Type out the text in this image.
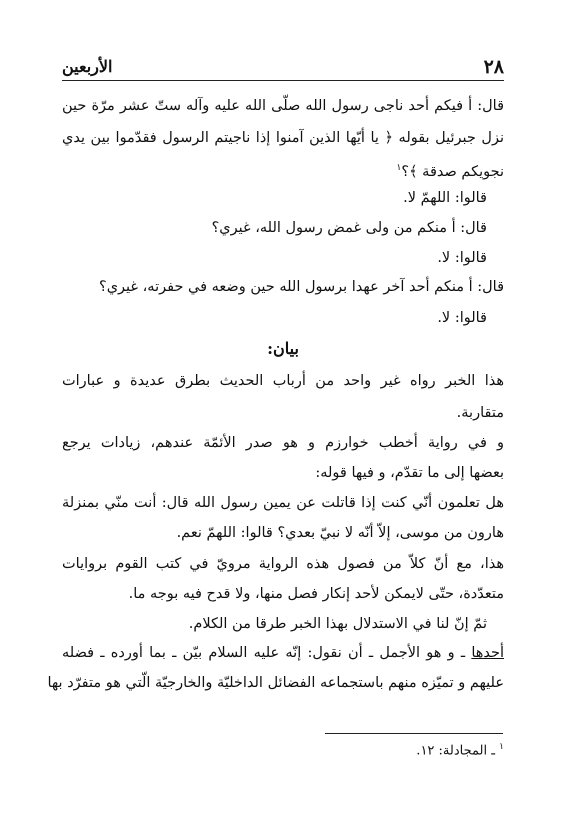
٢٨
الأربعين
قال: أ فيكم أحد ناجى رسول الله صلّى الله عليه وآله ستّ عشر مرّة حين
نزل جبرئيل بقوله ﴿ يا أيّها الذين آمنوا إذا ناجيتم الرسول فقدّموا بين يدي
نجويكم صدقة ﴾؟$^١$
قالوا: اللهمّ لا.
قال: أ منكم من ولى غمض رسول الله، غيري؟
قالوا: لا.
قال: أ منكم أحد آخر عهدا برسول الله حين وضعه في حفرته، غيري؟
قالوا: لا.
بيان:
هذا الخبر رواه غير واحد من أرباب الحديث بطرق عديدة و عبارات
متقاربة.
و في رواية أخطب خوارزم و هو صدر الأئمّة عندهم، زيادات يرجع
بعضها إلى ما تقدّم، و فيها قوله:
هل تعلمون أنّي كنت إذا قاتلت عن يمين رسول الله قال: أنت منّي بمنزلة
هارون من موسى، إلاّ أنّه لا نبيّ بعدي؟ قالوا: اللهمّ نعم.
هذا، مع أنّ كلاّ من فصول هذه الرواية مرويّ في كتب القوم بروايات
متعدّدة، حتّى لايمكن لأحد إنكار فصل منها، ولا قدح فيه بوجه ما.
ثمّ إنّ لنا في الاستدلال بهذا الخبر طرقا من الكلام.
أحدها ـ و هو الأجمل ـ أن نقول: إنّه عليه السلام بيّن ـ بما أورده ـ فضله
عليهم و تميّزه منهم باستجماعه الفضائل الداخليّة والخارجيّة الّتي هو متفرّد بها
$^١$ ـ المجادلة: ١٢.
